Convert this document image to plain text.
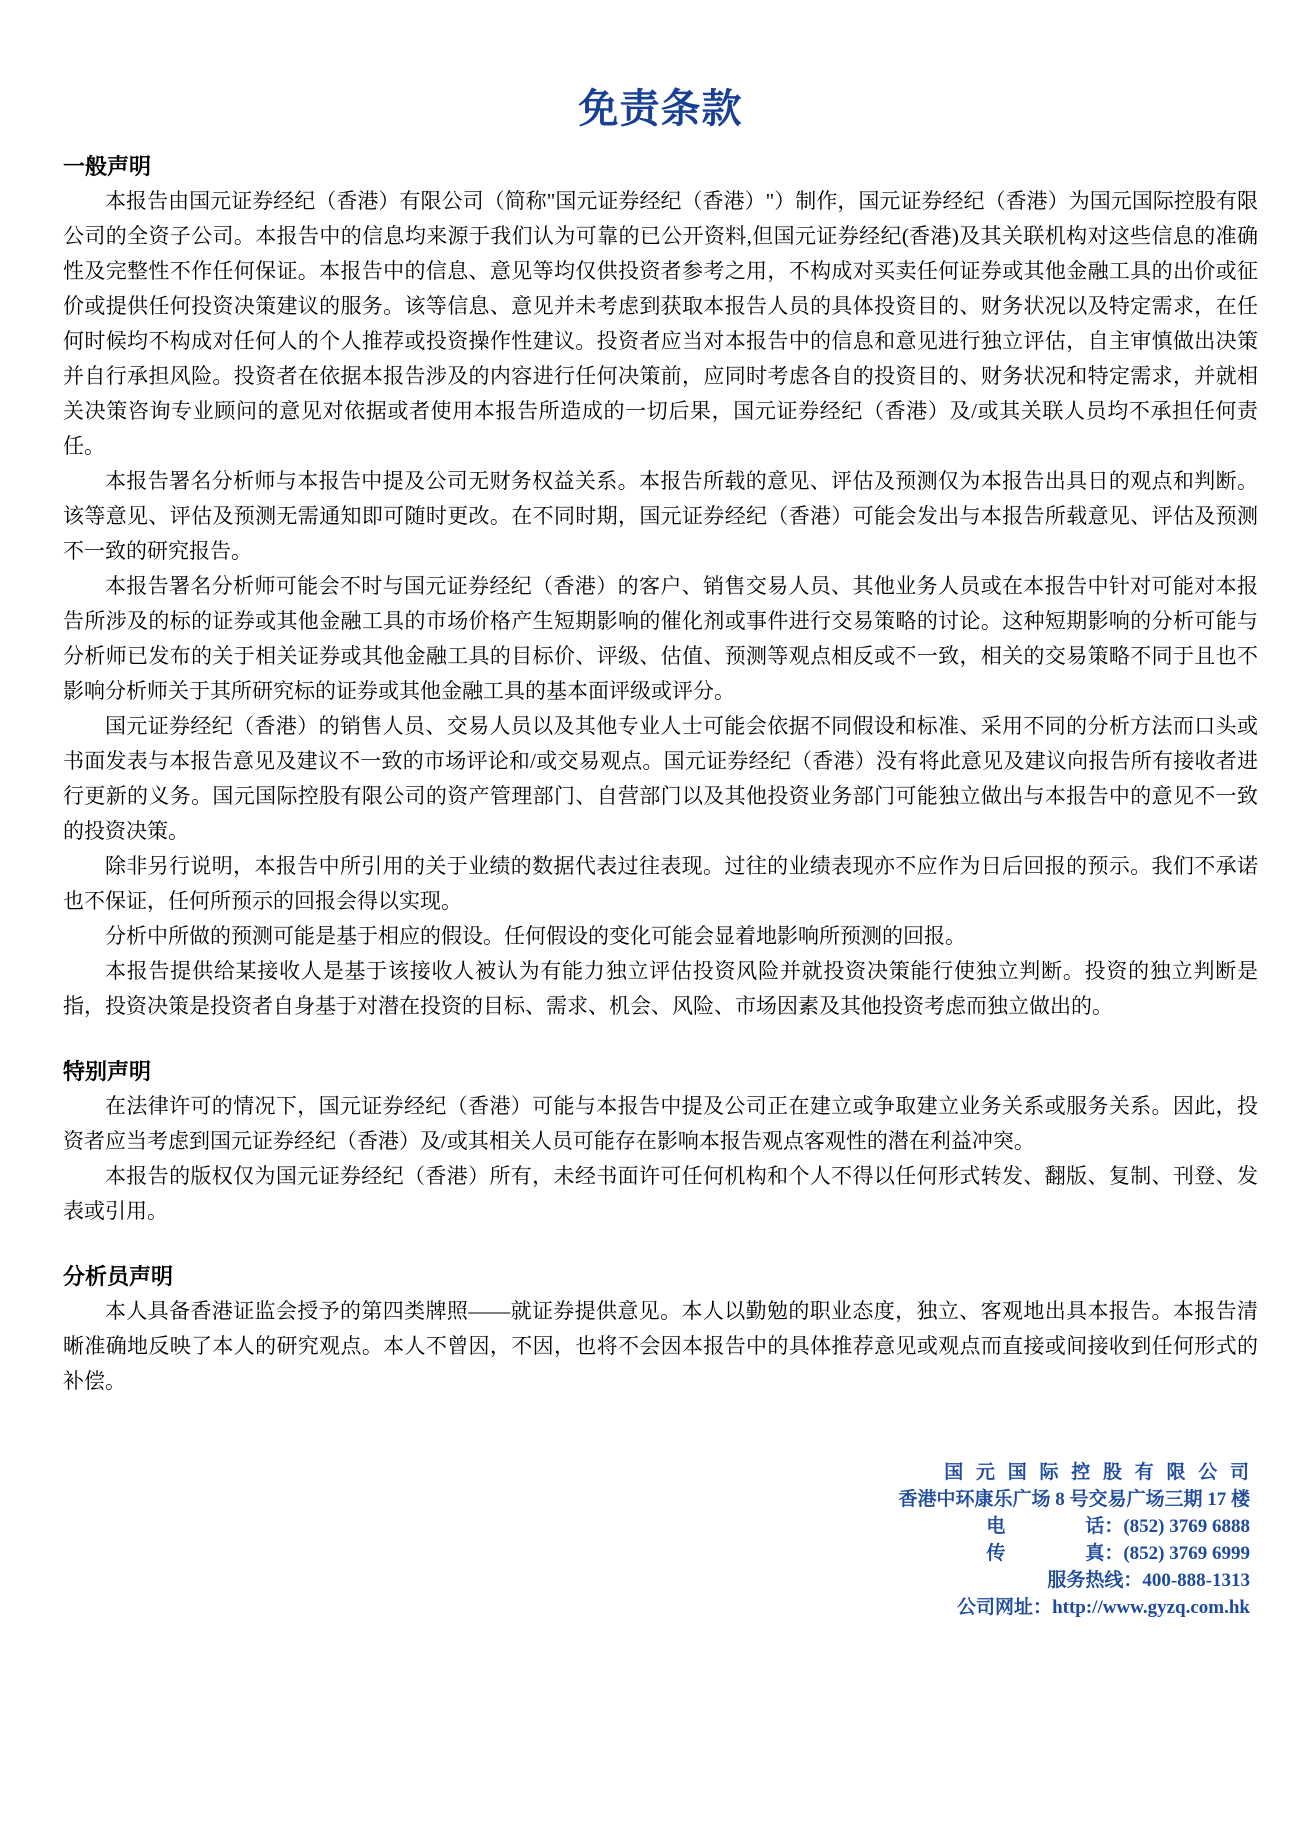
免责条款
一般声明

本报告由国元证券经纪（香港）有限公司（简称"国元证券经纪（香港）"）制作，国元证券经纪（香港）为国元国际控股有限公司的全资子公司。本报告中的信息均来源于我们认为可靠的已公开资料,但国元证券经纪(香港)及其关联机构对这些信息的准确性及完整性不作任何保证。本报告中的信息、意见等均仅供投资者参考之用，不构成对买卖任何证券或其他金融工具的出价或征价或提供任何投资决策建议的服务。该等信息、意见并未考虑到获取本报告人员的具体投资目的、财务状况以及特定需求，在任何时候均不构成对任何人的个人推荐或投资操作性建议。投资者应当对本报告中的信息和意见进行独立评估，自主审慎做出决策并自行承担风险。投资者在依据本报告涉及的内容进行任何决策前，应同时考虑各自的投资目的、财务状况和特定需求，并就相关决策咨询专业顾问的意见对依据或者使用本报告所造成的一切后果，国元证券经纪（香港）及/或其关联人员均不承担任何责任。

本报告署名分析师与本报告中提及公司无财务权益关系。本报告所载的意见、评估及预测仅为本报告出具日的观点和判断。该等意见、评估及预测无需通知即可随时更改。在不同时期，国元证券经纪（香港）可能会发出与本报告所载意见、评估及预测不一致的研究报告。

本报告署名分析师可能会不时与国元证券经纪（香港）的客户、销售交易人员、其他业务人员或在本报告中针对可能对本报告所涉及的标的证券或其他金融工具的市场价格产生短期影响的催化剂或事件进行交易策略的讨论。这种短期影响的分析可能与分析师已发布的关于相关证券或其他金融工具的目标价、评级、估值、预测等观点相反或不一致，相关的交易策略不同于且也不影响分析师关于其所研究标的证券或其他金融工具的基本面评级或评分。

国元证券经纪（香港）的销售人员、交易人员以及其他专业人士可能会依据不同假设和标准、采用不同的分析方法而口头或书面发表与本报告意见及建议不一致的市场评论和/或交易观点。国元证券经纪（香港）没有将此意见及建议向报告所有接收者进行更新的义务。国元国际控股有限公司的资产管理部门、自营部门以及其他投资业务部门可能独立做出与本报告中的意见不一致的投资决策。

除非另行说明，本报告中所引用的关于业绩的数据代表过往表现。过往的业绩表现亦不应作为日后回报的预示。我们不承诺也不保证，任何所预示的回报会得以实现。

分析中所做的预测可能是基于相应的假设。任何假设的变化可能会显着地影响所预测的回报。

本报告提供给某接收人是基于该接收人被认为有能力独立评估投资风险并就投资决策能行使独立判断。投资的独立判断是指，投资决策是投资者自身基于对潜在投资的目标、需求、机会、风险、市场因素及其他投资考虑而独立做出的。

特别声明

在法律许可的情况下，国元证券经纪（香港）可能与本报告中提及公司正在建立或争取建立业务关系或服务关系。因此，投资者应当考虑到国元证券经纪（香港）及/或其相关人员可能存在影响本报告观点客观性的潜在利益冲突。

本报告的版权仅为国元证券经纪（香港）所有，未经书面许可任何机构和个人不得以任何形式转发、翻版、复制、刊登、发表或引用。

分析员声明

本人具备香港证监会授予的第四类牌照——就证券提供意见。本人以勤勉的职业态度，独立、客观地出具本报告。本报告清晰准确地反映了本人的研究观点。本人不曾因，不因，也将不会因本报告中的具体推荐意见或观点而直接或间接收到任何形式的补偿。

国 元 国 际 控 股 有 限 公 司
香港中环康乐广场 8 号交易广场三期 17 楼
电	话：(852) 3769 6888
传	真：(852) 3769 6999
服务热线：400-888-1313
公司网址：http://www.gyzq.com.hk
